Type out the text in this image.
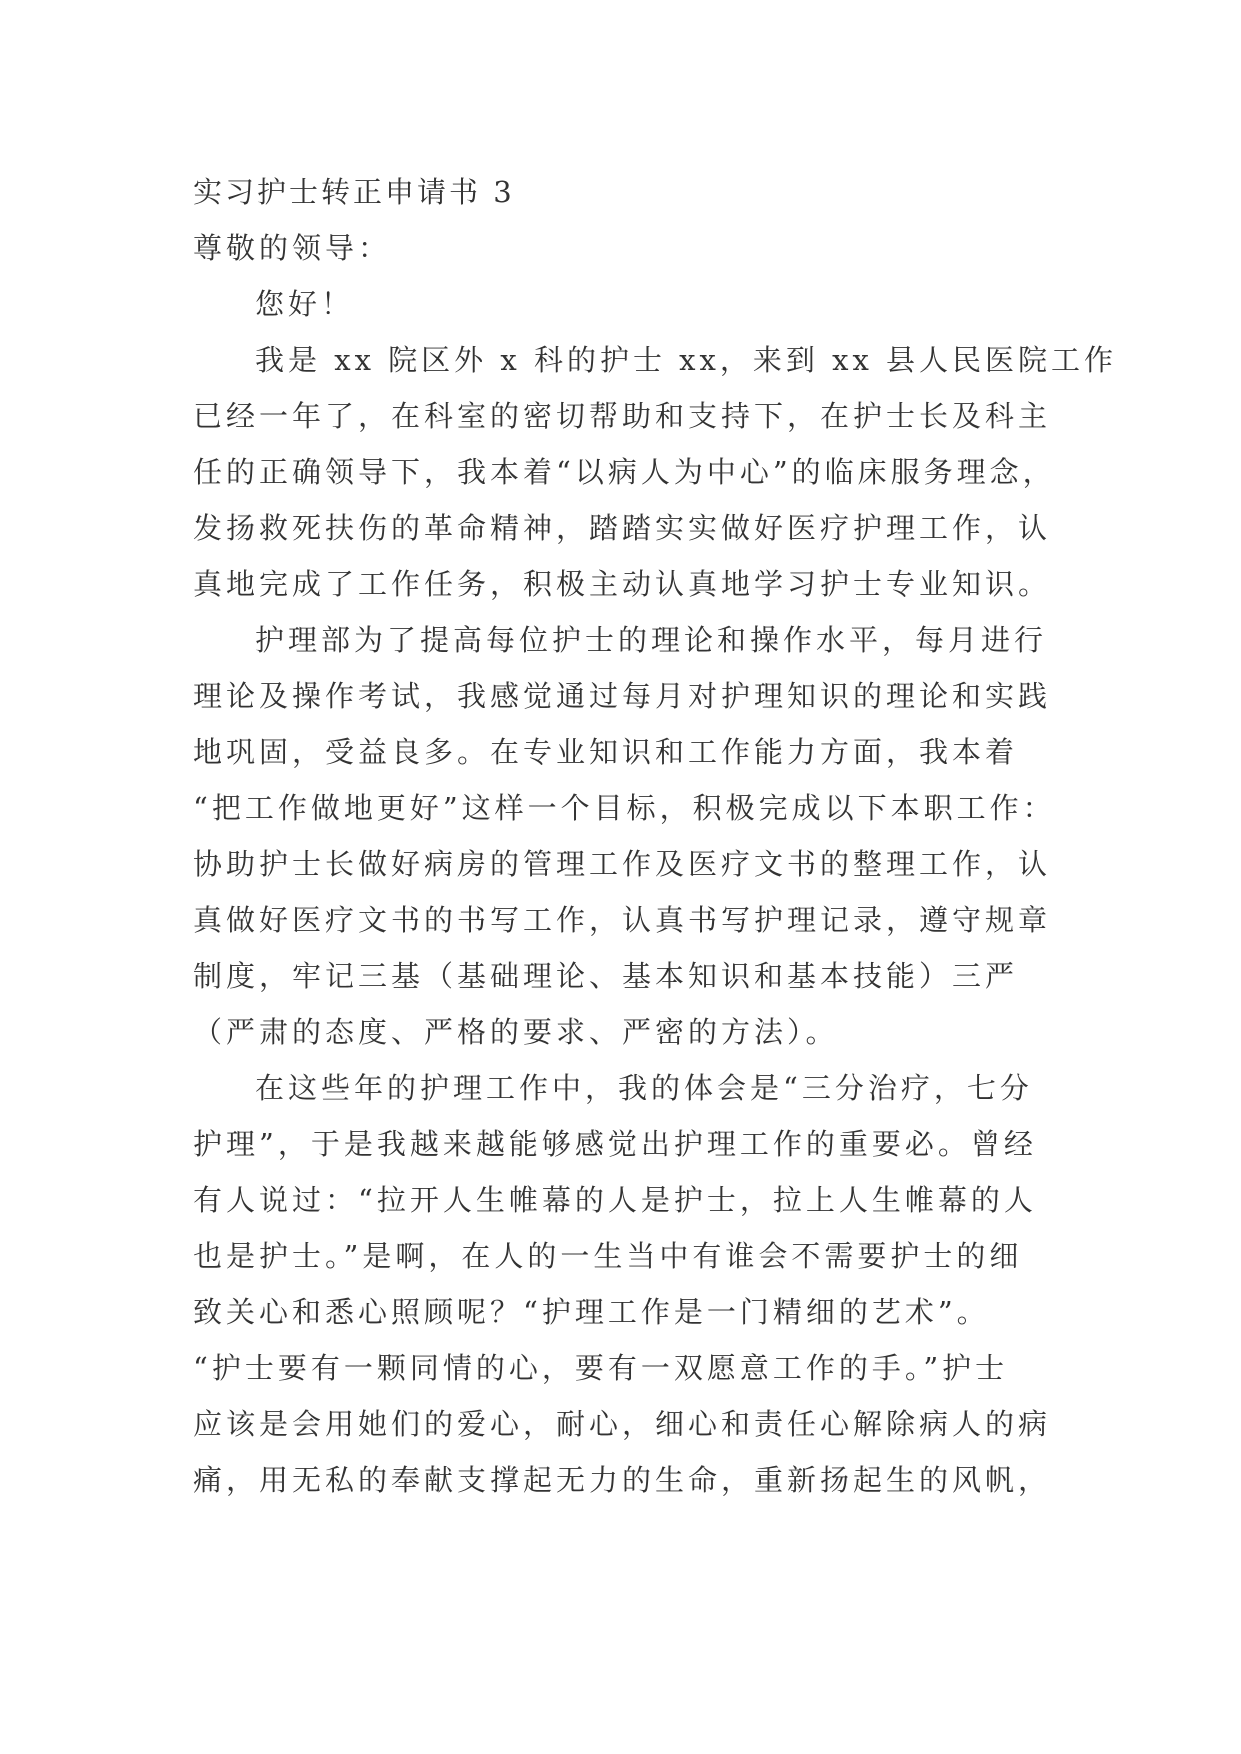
实习护士转正申请书 3
尊敬的领导：
您好！
我是 xx 院区外 x 科的护士 xx，来到 xx 县人民医院工作
已经一年了，在科室的密切帮助和支持下，在护士长及科主
任的正确领导下，我本着“以病人为中心”的临床服务理念，
发扬救死扶伤的革命精神，踏踏实实做好医疗护理工作，认
真地完成了工作任务，积极主动认真地学习护士专业知识。
护理部为了提高每位护士的理论和操作水平，每月进行
理论及操作考试，我感觉通过每月对护理知识的理论和实践
地巩固，受益良多。在专业知识和工作能力方面，我本着
“把工作做地更好”这样一个目标，积极完成以下本职工作：
协助护士长做好病房的管理工作及医疗文书的整理工作，认
真做好医疗文书的书写工作，认真书写护理记录，遵守规章
制度，牢记三基（基础理论、基本知识和基本技能）三严
（严肃的态度、严格的要求、严密的方法）。
在这些年的护理工作中，我的体会是“三分治疗，七分
护理”，于是我越来越能够感觉出护理工作的重要必。曾经
有人说过：“拉开人生帷幕的人是护士，拉上人生帷幕的人
也是护士。”是啊，在人的一生当中有谁会不需要护士的细
致关心和悉心照顾呢？“护理工作是一门精细的艺术”。
“护士要有一颗同情的心，要有一双愿意工作的手。”护士
应该是会用她们的爱心，耐心，细心和责任心解除病人的病
痛，用无私的奉献支撑起无力的生命，重新扬起生的风帆，
